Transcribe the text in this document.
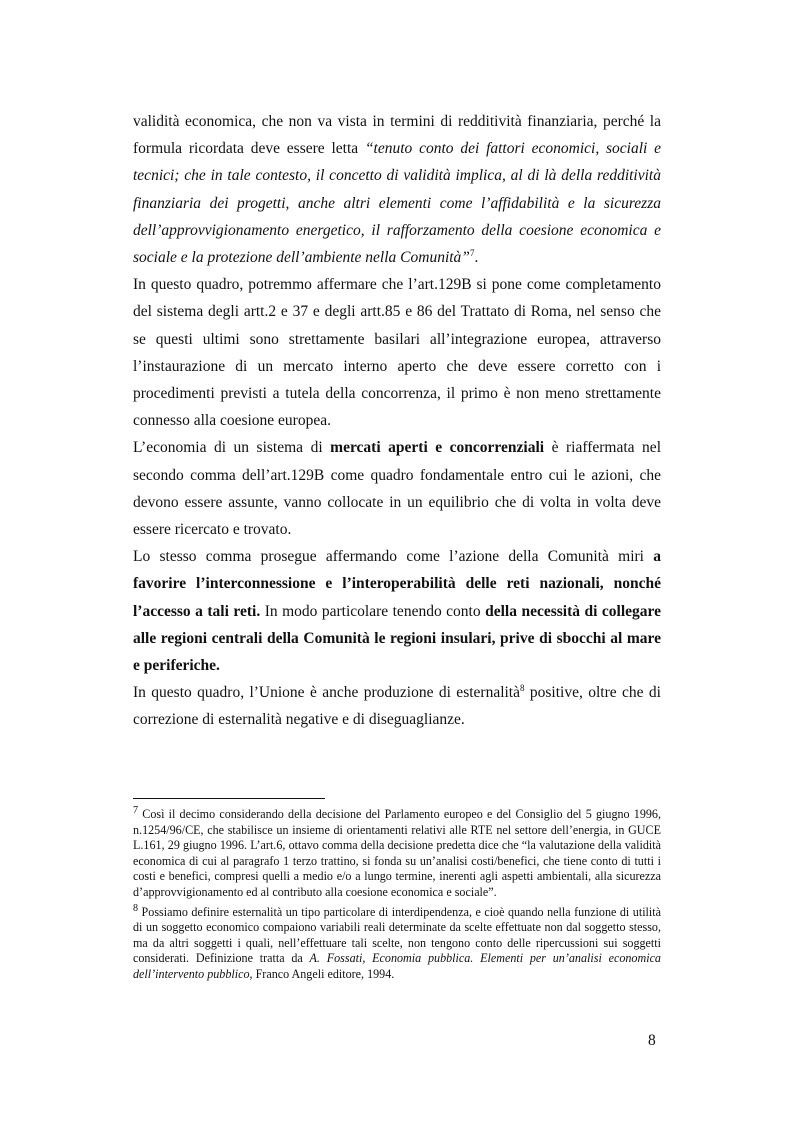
validità economica, che non va vista in termini di redditività finanziaria, perché la formula ricordata deve essere letta “tenuto conto dei fattori economici, sociali e tecnici; che in tale contesto, il concetto di validità implica, al di là della redditività finanziaria dei progetti, anche altri elementi come l’affidabilità e la sicurezza dell’approvvigionamento energetico, il rafforzamento della coesione economica e sociale e la protezione dell’ambiente nella Comunità”$^7$.

In questo quadro, potremmo affermare che l’art.129B si pone come completamento del sistema degli artt.2 e 37 e degli artt.85 e 86 del Trattato di Roma, nel senso che se questi ultimi sono strettamente basilari all’integrazione europea, attraverso l’instaurazione di un mercato interno aperto che deve essere corretto con i procedimenti previsti a tutela della concorrenza, il primo è non meno strettamente connesso alla coesione europea.

L’economia di un sistema di mercati aperti e concorrenziali è riaffermata nel secondo comma dell’art.129B come quadro fondamentale entro cui le azioni, che devono essere assunte, vanno collocate in un equilibrio che di volta in volta deve essere ricercato e trovato.

Lo stesso comma prosegue affermando come l’azione della Comunità miri a favorire l’interconnessione e l’interoperabilità delle reti nazionali, nonché l’accesso a tali reti. In modo particolare tenendo conto della necessità di collegare alle regioni centrali della Comunità le regioni insulari, prive di sbocchi al mare e periferiche.

In questo quadro, l’Unione è anche produzione di esternalità$^8$ positive, oltre che di correzione di esternalità negative e di diseguaglianze.

$^7$ Così il decimo considerando della decisione del Parlamento europeo e del Consiglio del 5 giugno 1996, n.1254/96/CE, che stabilisce un insieme di orientamenti relativi alle RTE nel settore dell’energia, in GUCE L.161, 29 giugno 1996. L’art.6, ottavo comma della decisione predetta dice che “la valutazione della validità economica di cui al paragrafo 1 terzo trattino, si fonda su un’analisi costi/benefici, che tiene conto di tutti i costi e benefici, compresi quelli a medio e/o a lungo termine, inerenti agli aspetti ambientali, alla sicurezza d’approvvigionamento ed al contributo alla coesione economica e sociale”.

$^8$ Possiamo definire esternalità un tipo particolare di interdipendenza, e cioè quando nella funzione di utilità di un soggetto economico compaiono variabili reali determinate da scelte effettuate non dal soggetto stesso, ma da altri soggetti i quali, nell’effettuare tali scelte, non tengono conto delle ripercussioni sui soggetti considerati. Definizione tratta da A. Fossati, Economia pubblica. Elementi per un’analisi economica dell’intervento pubblico, Franco Angeli editore, 1994.

8
